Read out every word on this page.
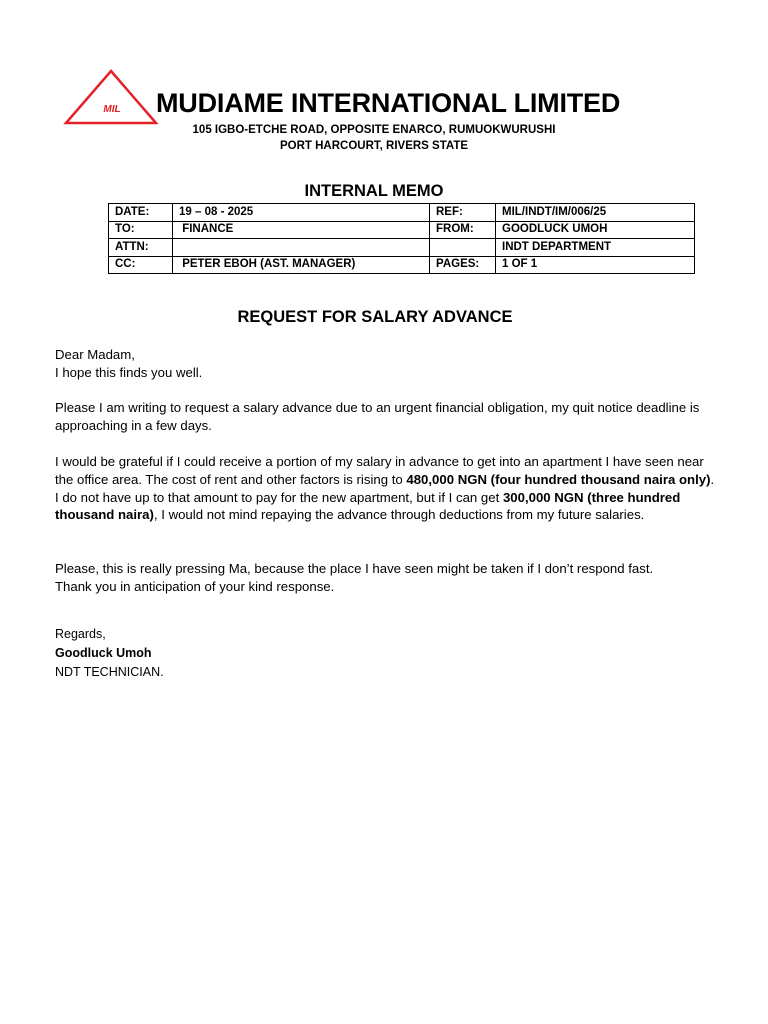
MIL MUDIAME INTERNATIONAL LIMITED
105 IGBO-ETCHE ROAD, OPPOSITE ENARCO, RUMUOKWURUSHI
PORT HARCOURT, RIVERS STATE
INTERNAL MEMO
DATE:	19 – 08 - 2025	REF:	MIL/INDT/IM/006/25
TO:	FINANCE	FROM:	GOODLUCK UMOH
ATTN:			INDT DEPARTMENT
CC:	PETER EBOH (AST. MANAGER)	PAGES:	1 OF 1
REQUEST FOR SALARY ADVANCE
Dear Madam,
I hope this finds you well.

Please I am writing to request a salary advance due to an urgent financial obligation, my quit notice deadline is approaching in a few days.

I would be grateful if I could receive a portion of my salary in advance to get into an apartment I have seen near the office area. The cost of rent and other factors is rising to 480,000 NGN (four hundred thousand naira only). I do not have up to that amount to pay for the new apartment, but if I can get 300,000 NGN (three hundred thousand naira), I would not mind repaying the advance through deductions from my future salaries.

Please, this is really pressing Ma, because the place I have seen might be taken if I don’t respond fast.
Thank you in anticipation of your kind response.
Regards,
Goodluck Umoh
NDT TECHNICIAN.
